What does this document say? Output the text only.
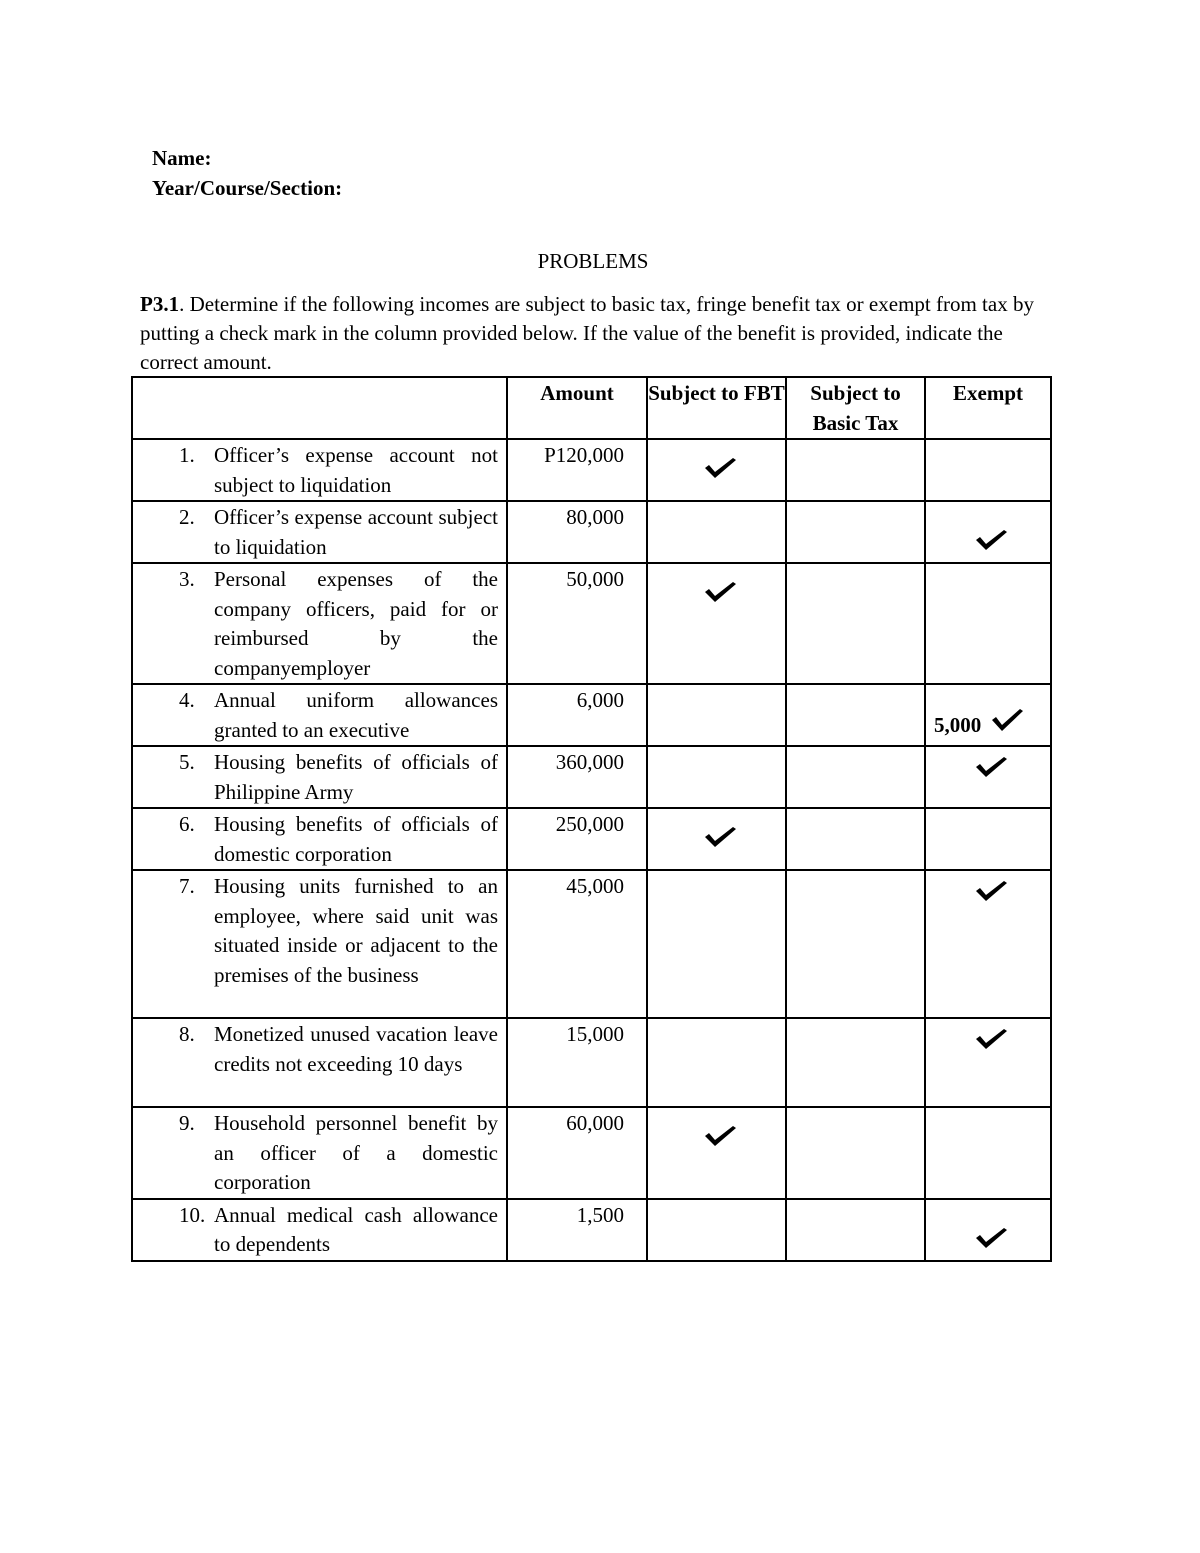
Name:
Year/Course/Section:
PROBLEMS
P3.1. Determine if the following incomes are subject to basic tax, fringe benefit tax or exempt from tax by putting a check mark in the column provided below. If the value of the benefit is provided, indicate the correct amount.
	Amount	Subject to FBT	Subject to Basic Tax	Exempt

1. Officer’s expense account not subject to liquidation	P120,000	

2. Officer’s expense account subject to liquidation	80,000			

3. Personal expenses of the company officers, paid for or reimbursed by the companyemployer	50,000	

4. Annual uniform allowances granted to an executive	6,000			5,000

5. Housing benefits of officials of Philippine Army	360,000			

6. Housing benefits of officials of domestic corporation	250,000	

7. Housing units furnished to an employee, where said unit was situated inside or adjacent to the premises of the business	45,000			

8. Monetized unused vacation leave credits not exceeding 10 days	15,000			

9. Household personnel benefit by an officer of a domestic corporation	60,000	

10. Annual medical cash allowance to dependents	1,500			
